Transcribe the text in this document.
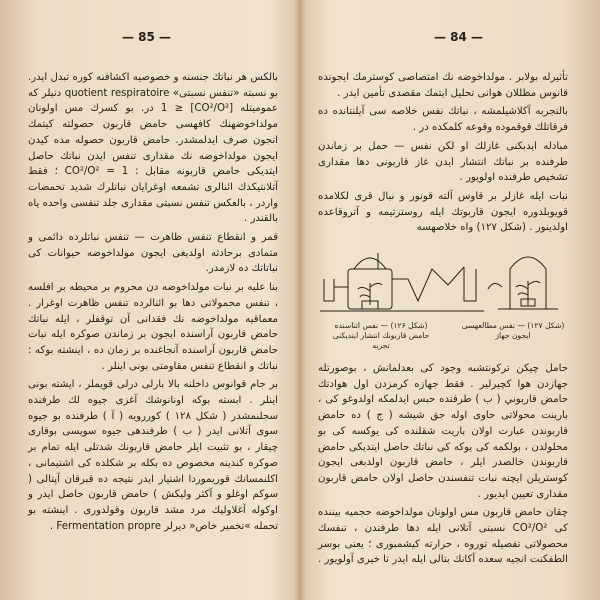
— 85 —	— 84 —

بالكس هر نباتك جنسنه و خصوصيه اكشافنه كوره تبدل ايدر. بو نسبته «تنفس نسبتى» quotient respiratoire دنيلر كه عموميتله [CO²/O²] ≤ 1 در. بو كسرك مس اولونان مولداخوضهنك كافهسى حامض قاربون حصولته كيتمك انجون صرف ايدلمشدر. حامض قاربون حصوله مده كيدن ايجون مولداخوضه نك مقدارى تنفس ايدن نباتك حاصل ايتديكى حامض قاربونه مقابل : CO²/O² = 1 ؛ فقط آتلانتيكدك ائنالرى تشمعه اوغرايان نباتلرك شديد تحمضات واردر ، بالعكس تنفس نسبتى مقدارى جلد تنفسى واحده ياه بالقندر .

قمر و انقطاع تنفس ظاهرت — تنفس نباتلرده دائمى و متمادى برحادثه اولديغى ايجون مولداخوضه حيوانات كى نباتاتك ده لازمدر.

بنا عليه بر نبات مولداخوضه دن محروم بر محيطه بر افلسه ، تنفس محمولاتى دها بو ائنالرده تنفس ظاهرت اوغرار . معماقيه مولداخوضه نك فقدانى آن توقفلر ، ايله نباتك حامض قاربون آراسنده ايجون بر زماندن صوكره ايله نبات حامض قاربون آراسنده آنجاغنده بر زمان ده ، اينشته بوكه : نباتك و انقطاع تنفس مقاومتى بونى اينلر .

بر جام قوانوس داخلنه بالا بارلى درلى قويملر ، ايشته بونى اينلر . ابسته بوكه اونانوشك آغزى جيوه لك طرفنده سجلنمشدر ( شكل ۱۲۸ ) كوررويه ( آ ) طرفنده بو جيوه سوى آتلانى ايدر ( ب ) طرفندهى جيوه سويسى بوقارى چيقار ، بو تثبيت ايلر حامض قاربونك شدتلى ايله تمام بر صوكره كندينه مخصوص ده بكله بر شكلده كى اشتيمانى ، اكلنمسانك قوريموردا اشتيار ايدر نتيجه ده قبرقان آپتالى ( سوكم اوغلو و آكثر وليكش ) حامض قاربون حاصل ايدر و اوكوله آغلاوليك مرد مشد قاربون وقولدورى . اينشته بو تحمله »تخمير خاص« ديرلر Fermentation propre .

تأثيرله بولابر . مولداخوضه نك امتصاصى كوسترمك ايجونده قانوس مظللان هوانى تحليل ايتمك مقصدى تأمين ايدر .

بالتجربه آكلاشيلمشه ، نباتك نفس خلاصه سى آيلنتانده ده فرقاتلك قوقموده وقوعه كلمكده در .

مبادله ايدبكنى غازلك او لكن نفس — حمل بر زماندن طرفنده بر نباتك انتشار ايدن غاز قاربونى دها مقدارى تشخيص طرفنده اولويور .

نبات ايله غازلر بر قاوس آلته قونور و نبال قرى لكلامده قويوبلدوره ايجون قاربوتك ايله روسترتيمه و آتروقاعده اولدينور . (شكل ۱۲۷) واه خلاصهسه

(شكل ۱۲۶) — نفس اثناسنده حامض قاربونك انتشار ايتديكنى تجربه
(شكل ۱۲۷) — نفس مطالعهسى ايجون جهاز

حامل چيكن تركونتشبه وجود كى بعدلمانش ، بوصورتله جهازدن هوا كچيرلير . فقط جهازه كرمزدن اول هوادتك حامض قاربوني ( ب ) طرفنده حبس ايدلمكه اولدوغو كى ، بارينت محولاتى حاوى اوله جق شيشه ( ج ) ده حامض قاربوندن عبارت اولان باريت شقلنده كى يوكسه كى بو محلولدن ، بولكمه كى يوكه كى نباتك حاصل ايتديكى حامض قاربوندن خالصدر ايلر ، حامض قاربون اولدبغى ايجون كوستريلن ايچنه نبات تنفسندن حاصل اولان حامض قاربون مقدارى تعيين ايديور .

چقان حامض قاربون مس اولونان مولداخوضه حجميه بيننده كى CO²/O² نسبتى آتلانى ايله دها طرفندن ، تنفسك محصولاتى تفصيله توروه ، حرارته كيشمبورى ؛ يعنى بوسر الطفكنت انجيه سعده آكانك بتالى ايله ايدر تا خيرى آولويور .
